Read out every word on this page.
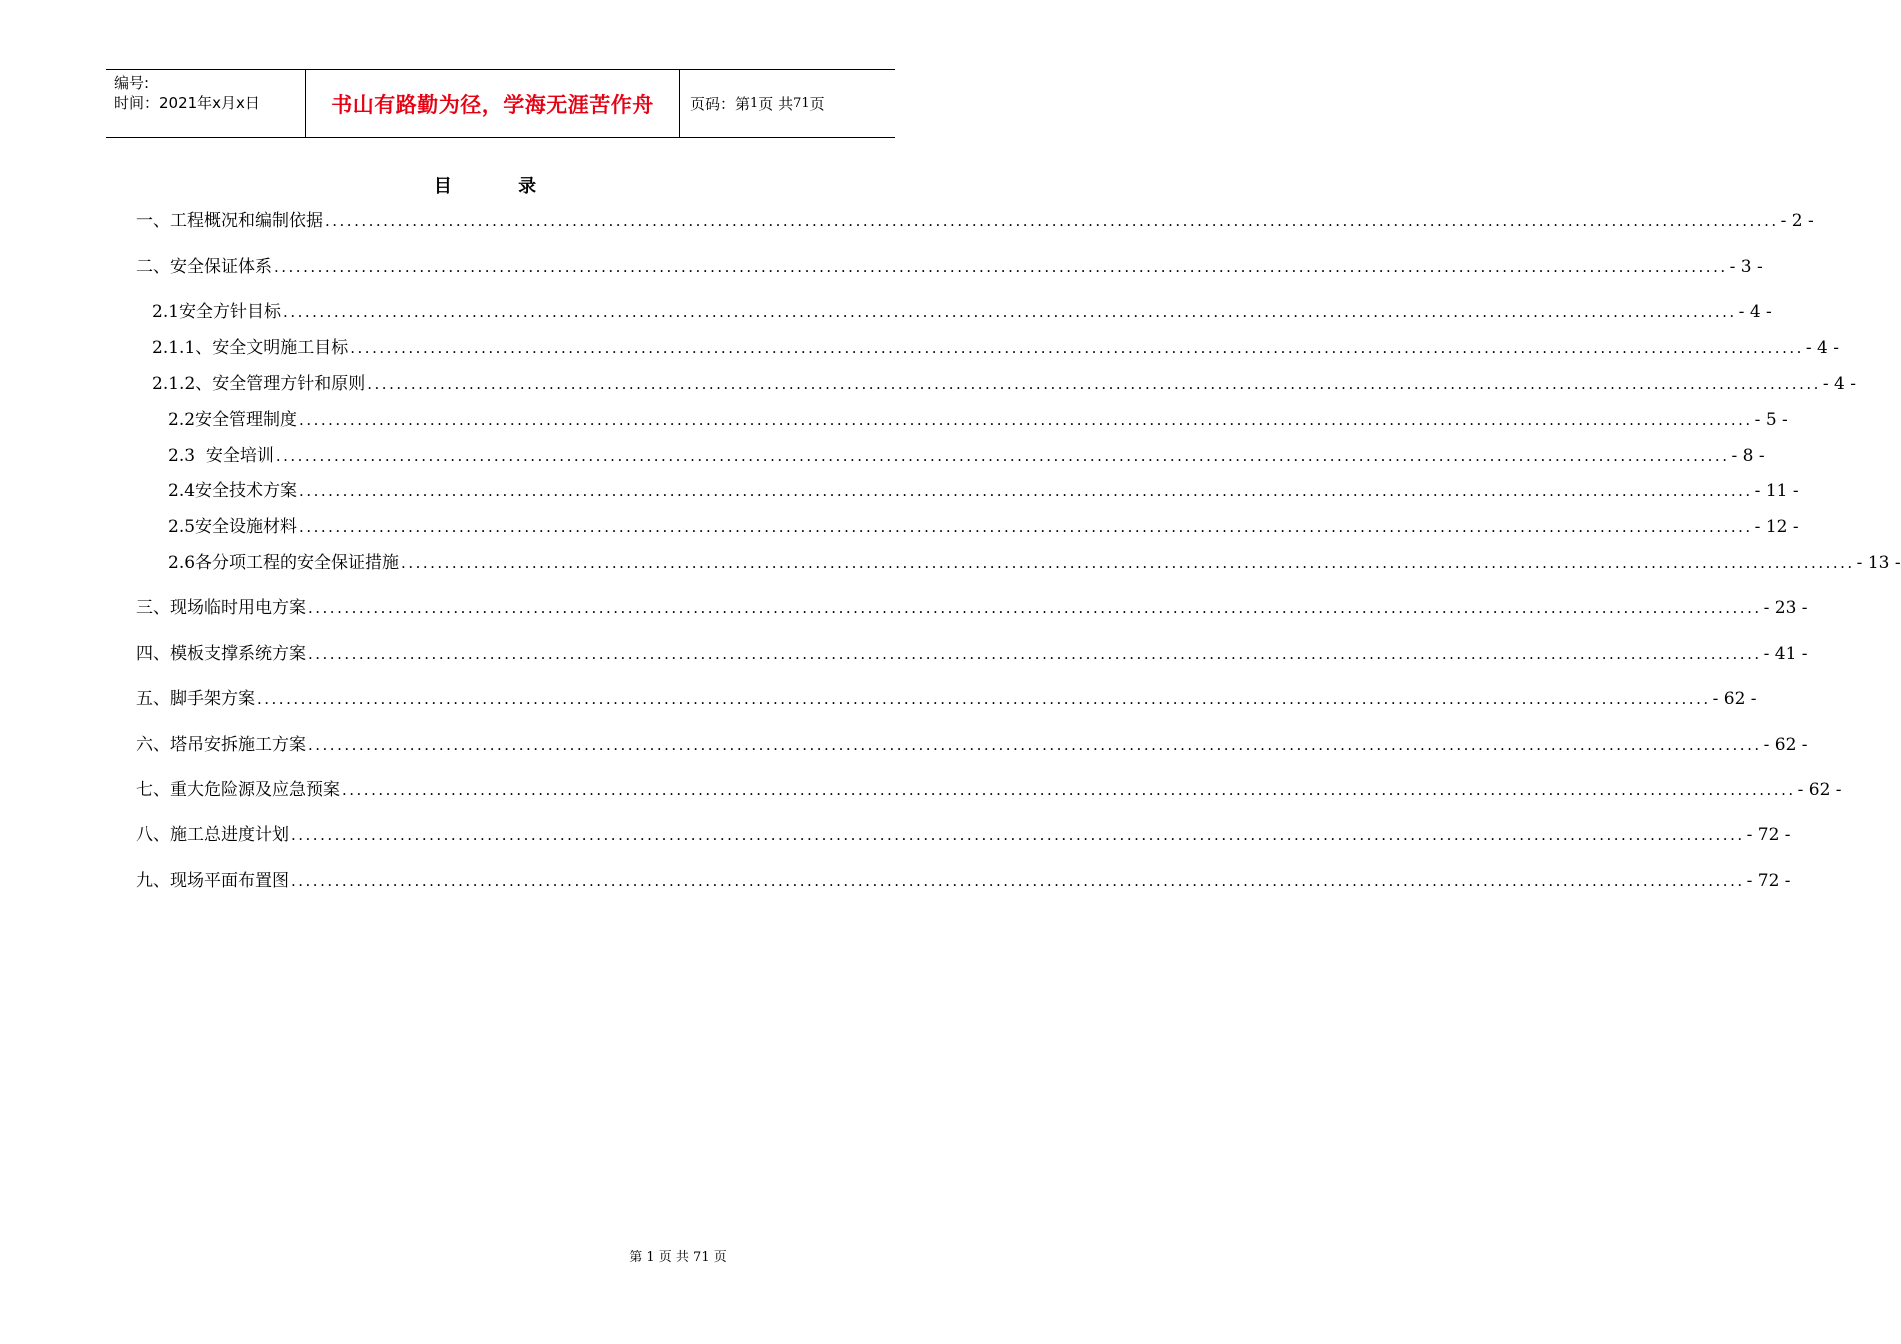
编号:
时间：2021年x月x日	书山有路勤为径，学海无涯苦作舟	页码：第 1 页 共 71 页
目 录
一、工程概况和编制依据 ........................................................................................................................................................................................................ - 2 -
二、安全保证体系 ........................................................................................................................................................................................................ - 3 -
2.1安全方针目标 ........................................................................................................................................................................................................ - 4 -
2.1.1、安全文明施工目标 ........................................................................................................................................................................................................ - 4 -
2.1.2、安全管理方针和原则 ........................................................................................................................................................................................................ - 4 -
2.2安全管理制度 ........................................................................................................................................................................................................ - 5 -
2.3  安全培训 ........................................................................................................................................................................................................ - 8 -
2.4安全技术方案 ........................................................................................................................................................................................................ - 11 -
2.5安全设施材料 ........................................................................................................................................................................................................ - 12 -
2.6各分项工程的安全保证措施 ........................................................................................................................................................................................................ - 13 -
三、现场临时用电方案 ........................................................................................................................................................................................................ - 23 -
四、模板支撑系统方案 ........................................................................................................................................................................................................ - 41 -
五、脚手架方案 ........................................................................................................................................................................................................ - 62 -
六、塔吊安拆施工方案 ........................................................................................................................................................................................................ - 62 -
七、重大危险源及应急预案 ........................................................................................................................................................................................................ - 62 -
八、施工总进度计划 ........................................................................................................................................................................................................ - 72 -
九、现场平面布置图 ........................................................................................................................................................................................................ - 72 -
第 1 页 共 71 页
